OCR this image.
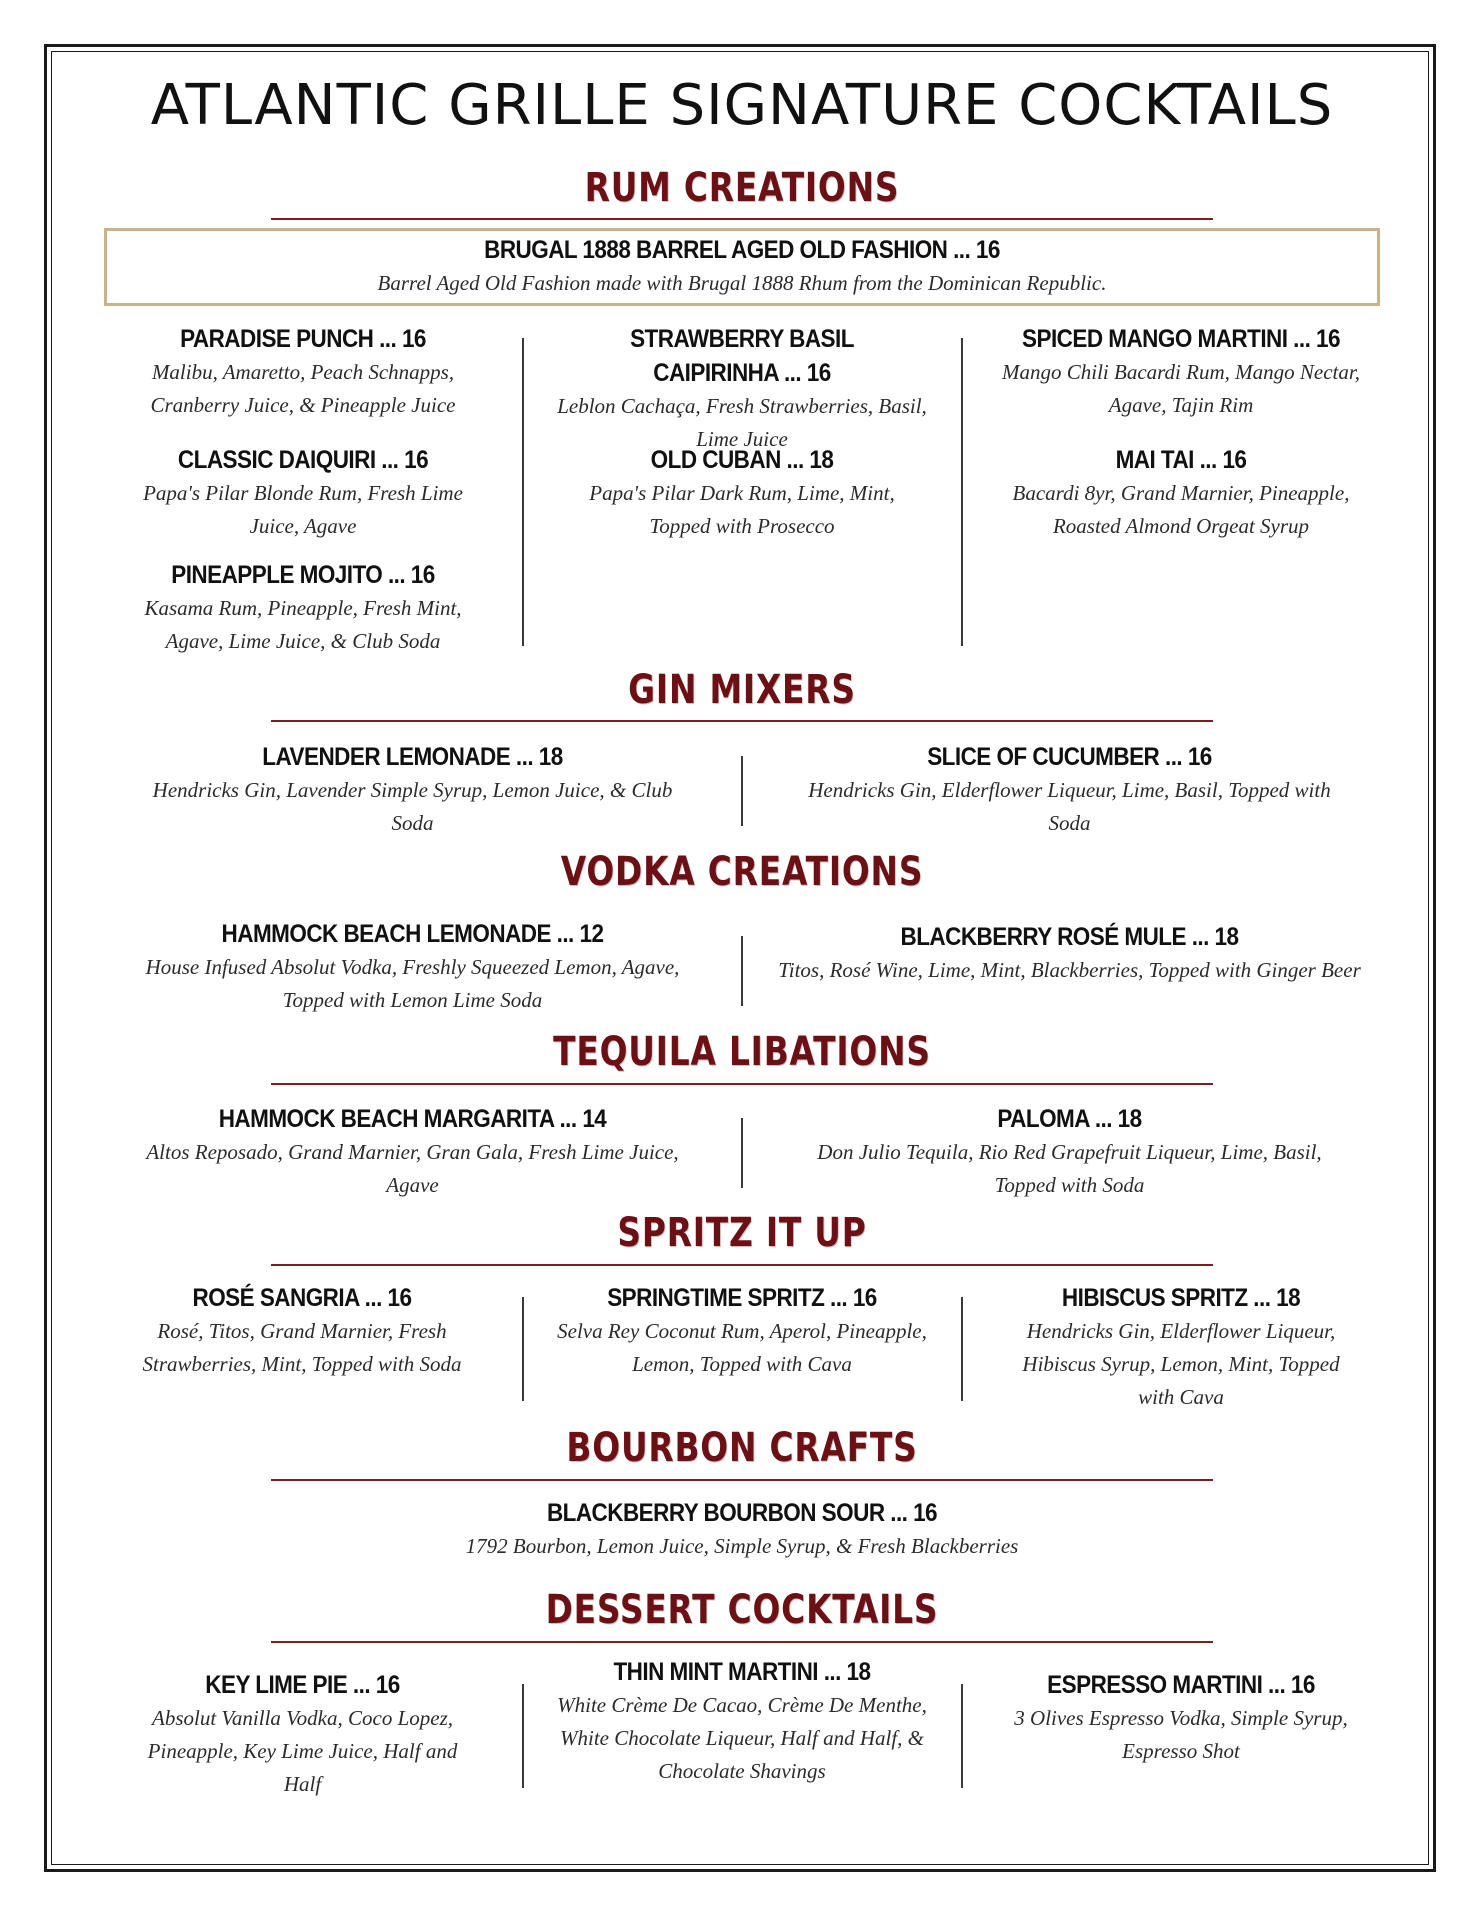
ATLANTIC GRILLE SIGNATURE COCKTAILS
RUM CREATIONS
BRUGAL 1888 BARREL AGED OLD FASHION ... 16
Barrel Aged Old Fashion made with Brugal 1888 Rhum from the Dominican Republic.
PARADISE PUNCH ... 16
Malibu, Amaretto, Peach Schnapps, Cranberry Juice, & Pineapple Juice
CLASSIC DAIQUIRI ... 16
Papa's Pilar Blonde Rum, Fresh Lime Juice, Agave
PINEAPPLE MOJITO ... 16
Kasama Rum, Pineapple, Fresh Mint, Agave, Lime Juice, & Club Soda
STRAWBERRY BASIL CAIPIRINHA ... 16
Leblon Cachaça, Fresh Strawberries, Basil, Lime Juice
OLD CUBAN ... 18
Papa's Pilar Dark Rum, Lime, Mint, Topped with Prosecco
SPICED MANGO MARTINI ... 16
Mango Chili Bacardi Rum, Mango Nectar, Agave, Tajin Rim
MAI TAI ... 16
Bacardi 8yr, Grand Marnier, Pineapple, Roasted Almond Orgeat Syrup
GIN MIXERS
LAVENDER LEMONADE ... 18
Hendricks Gin, Lavender Simple Syrup, Lemon Juice, & Club Soda
SLICE OF CUCUMBER ... 16
Hendricks Gin, Elderflower Liqueur, Lime, Basil, Topped with Soda
VODKA CREATIONS
HAMMOCK BEACH LEMONADE ... 12
House Infused Absolut Vodka, Freshly Squeezed Lemon, Agave, Topped with Lemon Lime Soda
BLACKBERRY ROSÉ MULE ... 18
Titos, Rosé Wine, Lime, Mint, Blackberries, Topped with Ginger Beer
TEQUILA LIBATIONS
HAMMOCK BEACH MARGARITA ... 14
Altos Reposado, Grand Marnier, Gran Gala, Fresh Lime Juice, Agave
PALOMA ... 18
Don Julio Tequila, Rio Red Grapefruit Liqueur, Lime, Basil, Topped with Soda
SPRITZ IT UP
ROSÉ SANGRIA ... 16
Rosé, Titos, Grand Marnier, Fresh Strawberries, Mint, Topped with Soda
SPRINGTIME SPRITZ ... 16
Selva Rey Coconut Rum, Aperol, Pineapple, Lemon, Topped with Cava
HIBISCUS SPRITZ ... 18
Hendricks Gin, Elderflower Liqueur, Hibiscus Syrup, Lemon, Mint, Topped with Cava
BOURBON CRAFTS
BLACKBERRY BOURBON SOUR ... 16
1792 Bourbon, Lemon Juice, Simple Syrup, & Fresh Blackberries
DESSERT COCKTAILS
KEY LIME PIE ... 16
Absolut Vanilla Vodka, Coco Lopez, Pineapple, Key Lime Juice, Half and Half
THIN MINT MARTINI ... 18
White Crème De Cacao, Crème De Menthe, White Chocolate Liqueur, Half and Half, & Chocolate Shavings
ESPRESSO MARTINI ... 16
3 Olives Espresso Vodka, Simple Syrup, Espresso Shot
